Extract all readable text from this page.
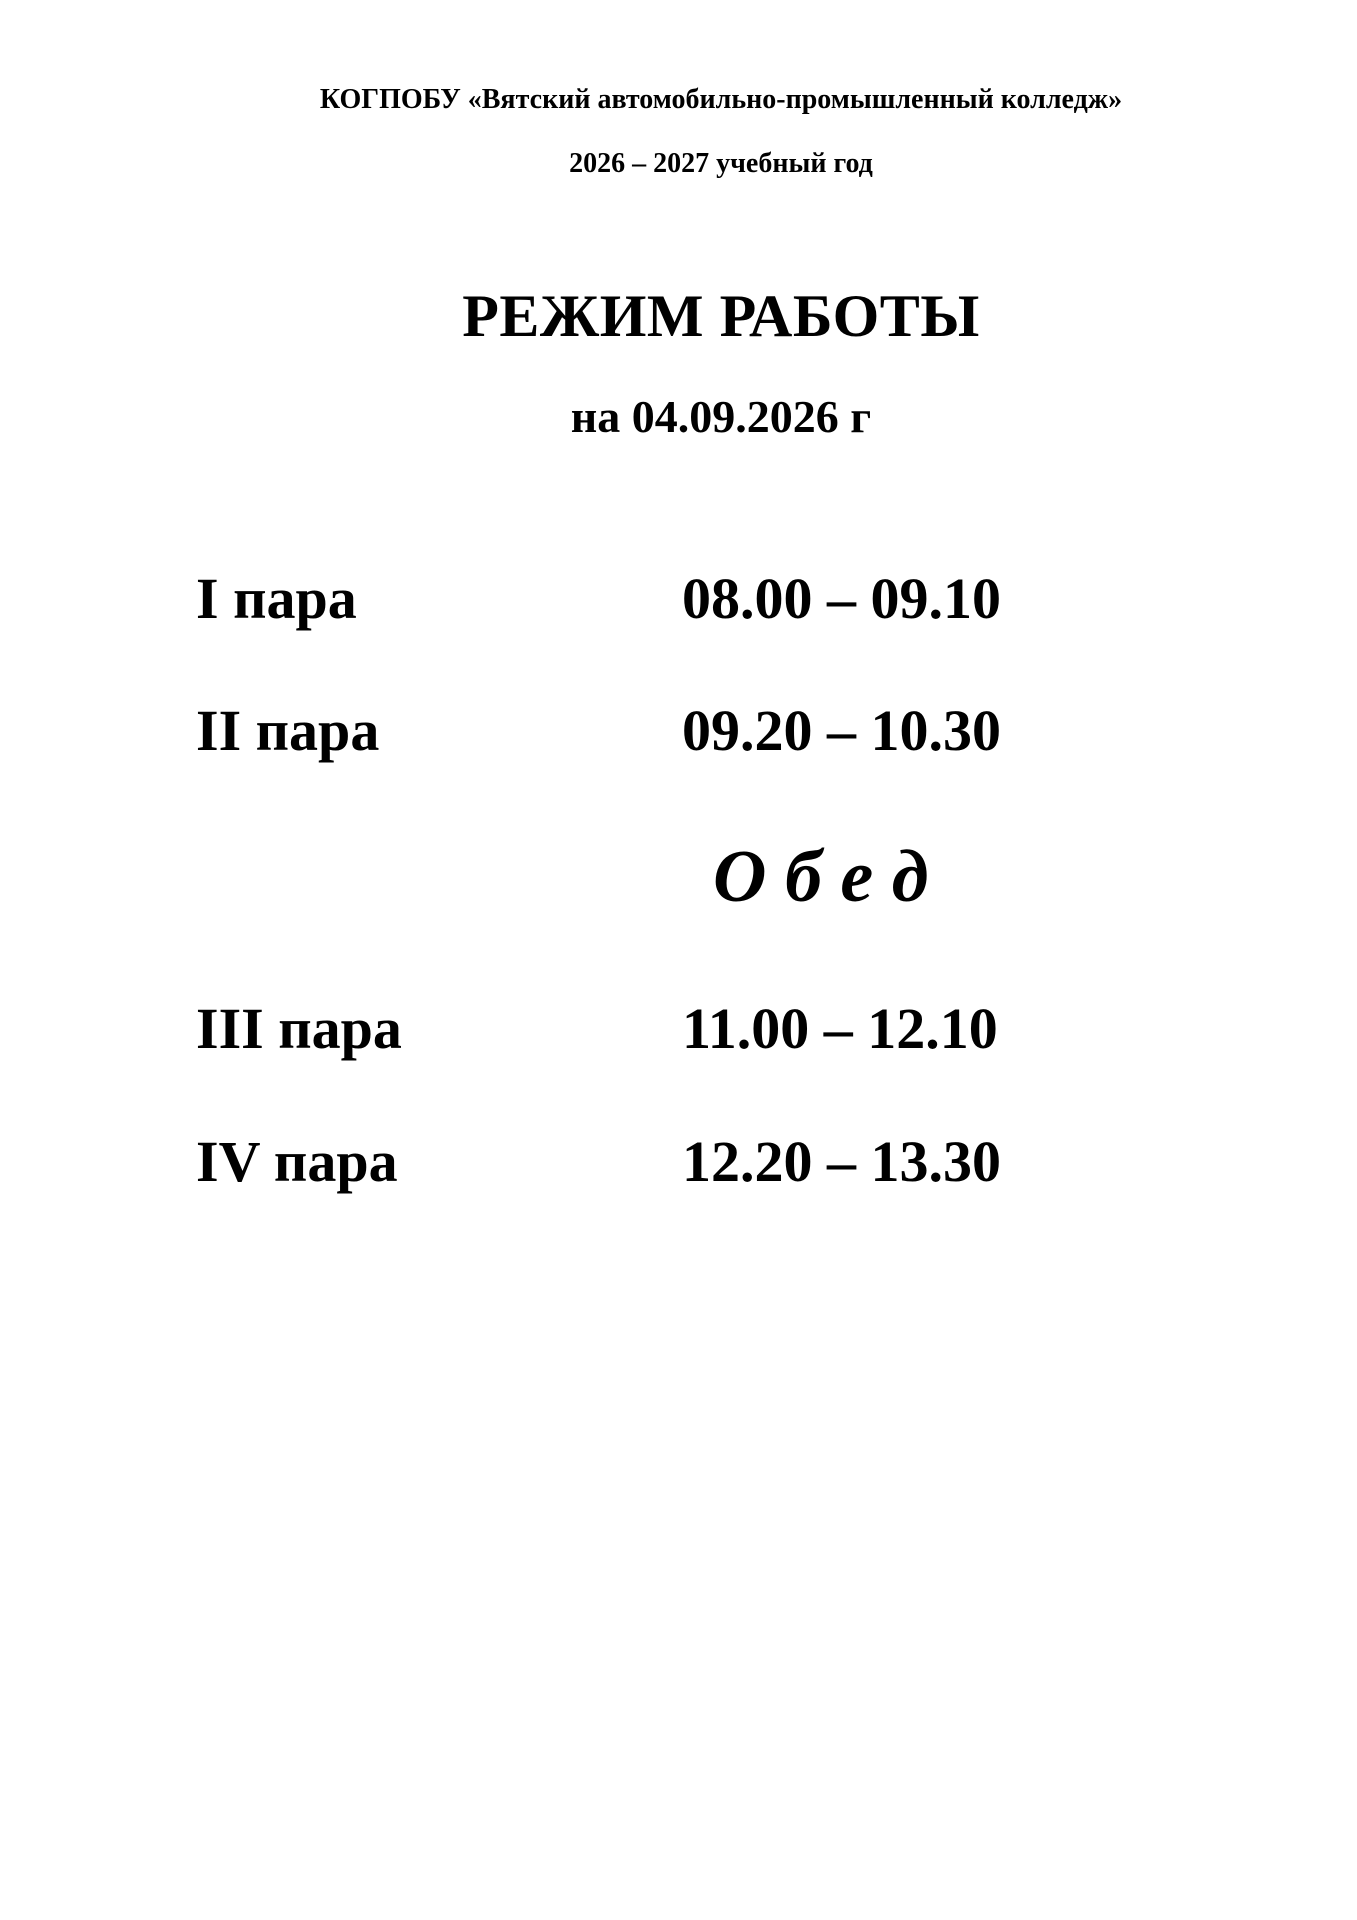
КОГПОБУ «Вятский автомобильно-промышленный колледж»
2026 – 2027 учебный год
РЕЖИМ РАБОТЫ
на 04.09.2026 г
I пара	08.00 – 09.10
II пара	09.20 – 10.30
О б е д
III пара	11.00 – 12.10
IV пара	12.20 – 13.30
